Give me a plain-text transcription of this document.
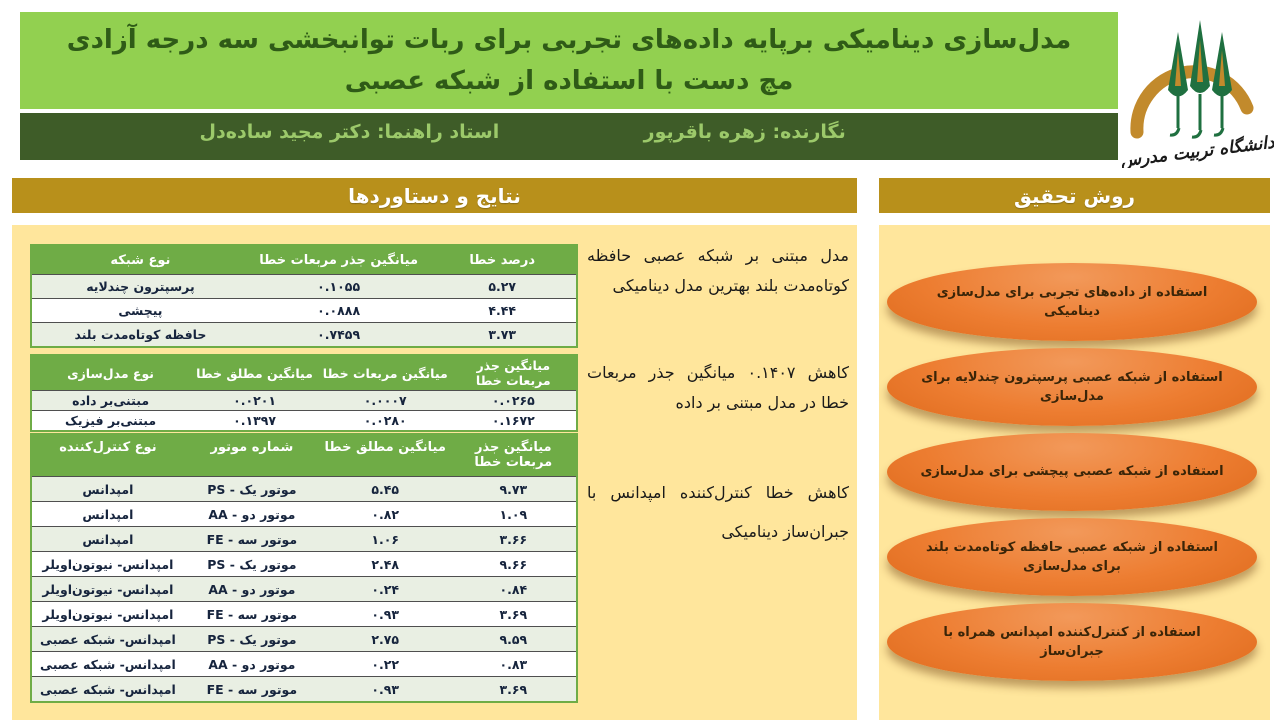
مدل‌سازی دینامیکی برپایه داده‌های تجربی برای ربات توانبخشی سه درجه آزادی مچ دست با استفاده از شبکه عصبی
نگارنده: زهره باقرپور
استاد راهنما: دکتر مجید ساده‌دل
دانشگاه تربیت مدرس
نتایج و دستاوردها	روش تحقیق
درصد خطا	میانگین جذر مربعات خطا	نوع شبکه
۵.۲۷	۰.۱۰۵۵	پرسپترون چندلایه
۴.۴۴	۰.۰۸۸۸	پیچشی
۳.۷۳	۰.۷۴۵۹	حافظه کوتاه‌مدت بلند
میانگین جذر مربعات خطا	میانگین مربعات خطا	میانگین مطلق خطا	نوع مدل‌سازی
۰.۰۲۶۵	۰.۰۰۰۷	۰.۰۲۰۱	مبتنی‌بر داده
۰.۱۶۷۲	۰.۰۲۸۰	۰.۱۳۹۷	مبتنی‌بر فیزیک
میانگین جذر مربعات خطا	میانگین مطلق خطا	شماره موتور	نوع کنترل‌کننده
۹.۷۳	۵.۴۵	موتور یک - PS	امپدانس
۱.۰۹	۰.۸۲	موتور دو - AA	امپدانس
۳.۶۶	۱.۰۶	موتور سه - FE	امپدانس
۹.۶۶	۲.۴۸	موتور یک - PS	امپدانس- نیوتون‌اویلر
۰.۸۴	۰.۲۴	موتور دو - AA	امپدانس- نیوتون‌اویلر
۳.۶۹	۰.۹۳	موتور سه - FE	امپدانس- نیوتون‌اویلر
۹.۵۹	۲.۷۵	موتور یک - PS	امپدانس- شبکه عصبی
۰.۸۳	۰.۲۲	موتور دو - AA	امپدانس- شبکه عصبی
۳.۶۹	۰.۹۳	موتور سه - FE	امپدانس- شبکه عصبی
مدل مبتنی بر شبکه عصبی حافظه کوتاه‌مدت بلند بهترین مدل دینامیکی
کاهش ۰.۱۴۰۷ میانگین جذر مربعات خطا در مدل مبتنی بر داده
کاهش خطا کنترل‌کننده امپدانس با جبران‌ساز دینامیکی
استفاده از داده‌های تجربی برای مدل‌سازی دینامیکی
استفاده از شبکه عصبی پرسپترون چندلایه برای مدل‌سازی
استفاده از شبکه عصبی پیچشی برای مدل‌سازی
استفاده از شبکه عصبی حافظه کوتاه‌مدت بلند برای مدل‌سازی
استفاده از کنترل‌کننده امپدانس همراه با جبران‌ساز
